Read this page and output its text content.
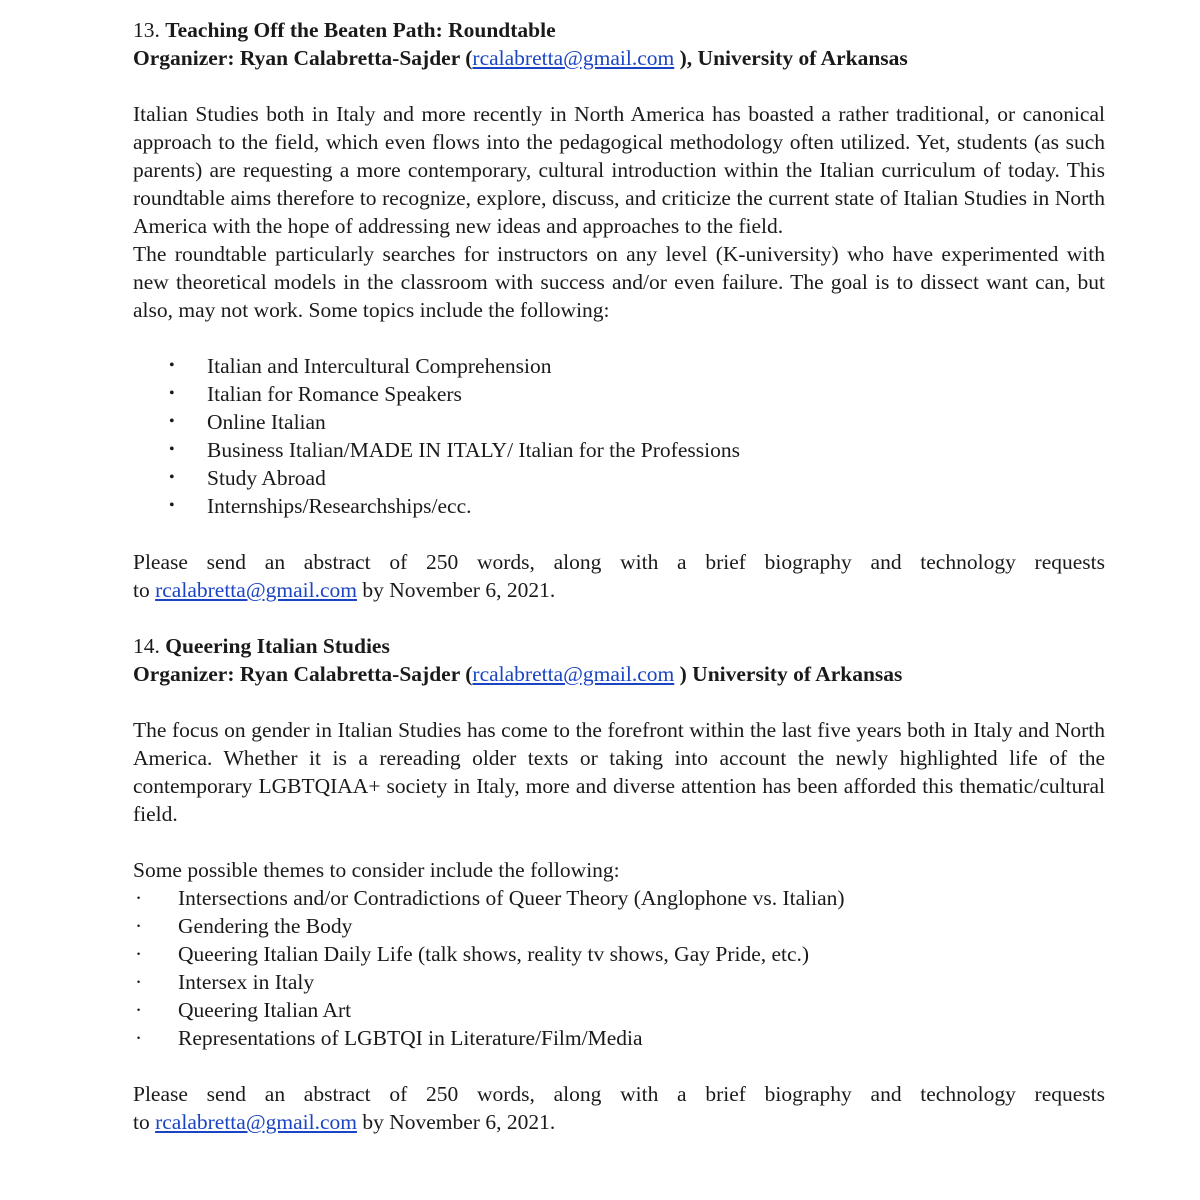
13. Teaching Off the Beaten Path: Roundtable

Organizer: Ryan Calabretta-Sajder (rcalabretta@gmail.com ), University of Arkansas

Italian Studies both in Italy and more recently in North America has boasted a rather traditional, or canonical approach to the field, which even flows into the pedagogical methodology often utilized. Yet, students (as such parents) are requesting a more contemporary, cultural introduction within the Italian curriculum of today. This roundtable aims therefore to recognize, explore, discuss, and criticize the current state of Italian Studies in North America with the hope of addressing new ideas and approaches to the field.

The roundtable particularly searches for instructors on any level (K-university) who have experimented with new theoretical models in the classroom with success and/or even failure. The goal is to dissect want can, but also, may not work. Some topics include the following:

• Italian and Intercultural Comprehension
• Italian for Romance Speakers
• Online Italian
• Business Italian/MADE IN ITALY/ Italian for the Professions
• Study Abroad
• Internships/Researchships/ecc.

Please send an abstract of 250 words, along with a brief biography and technology requests

to rcalabretta@gmail.com by November 6, 2021.

14. Queering Italian Studies

Organizer: Ryan Calabretta-Sajder (rcalabretta@gmail.com ) University of Arkansas

The focus on gender in Italian Studies has come to the forefront within the last five years both in Italy and North America. Whether it is a rereading older texts or taking into account the newly highlighted life of the contemporary LGBTQIAA+ society in Italy, more and diverse attention has been afforded this thematic/cultural field.

Some possible themes to consider include the following:

· Intersections and/or Contradictions of Queer Theory (Anglophone vs. Italian)
· Gendering the Body
· Queering Italian Daily Life (talk shows, reality tv shows, Gay Pride, etc.)
· Intersex in Italy
· Queering Italian Art
· Representations of LGBTQI in Literature/Film/Media

Please send an abstract of 250 words, along with a brief biography and technology requests

to rcalabretta@gmail.com by November 6, 2021.
